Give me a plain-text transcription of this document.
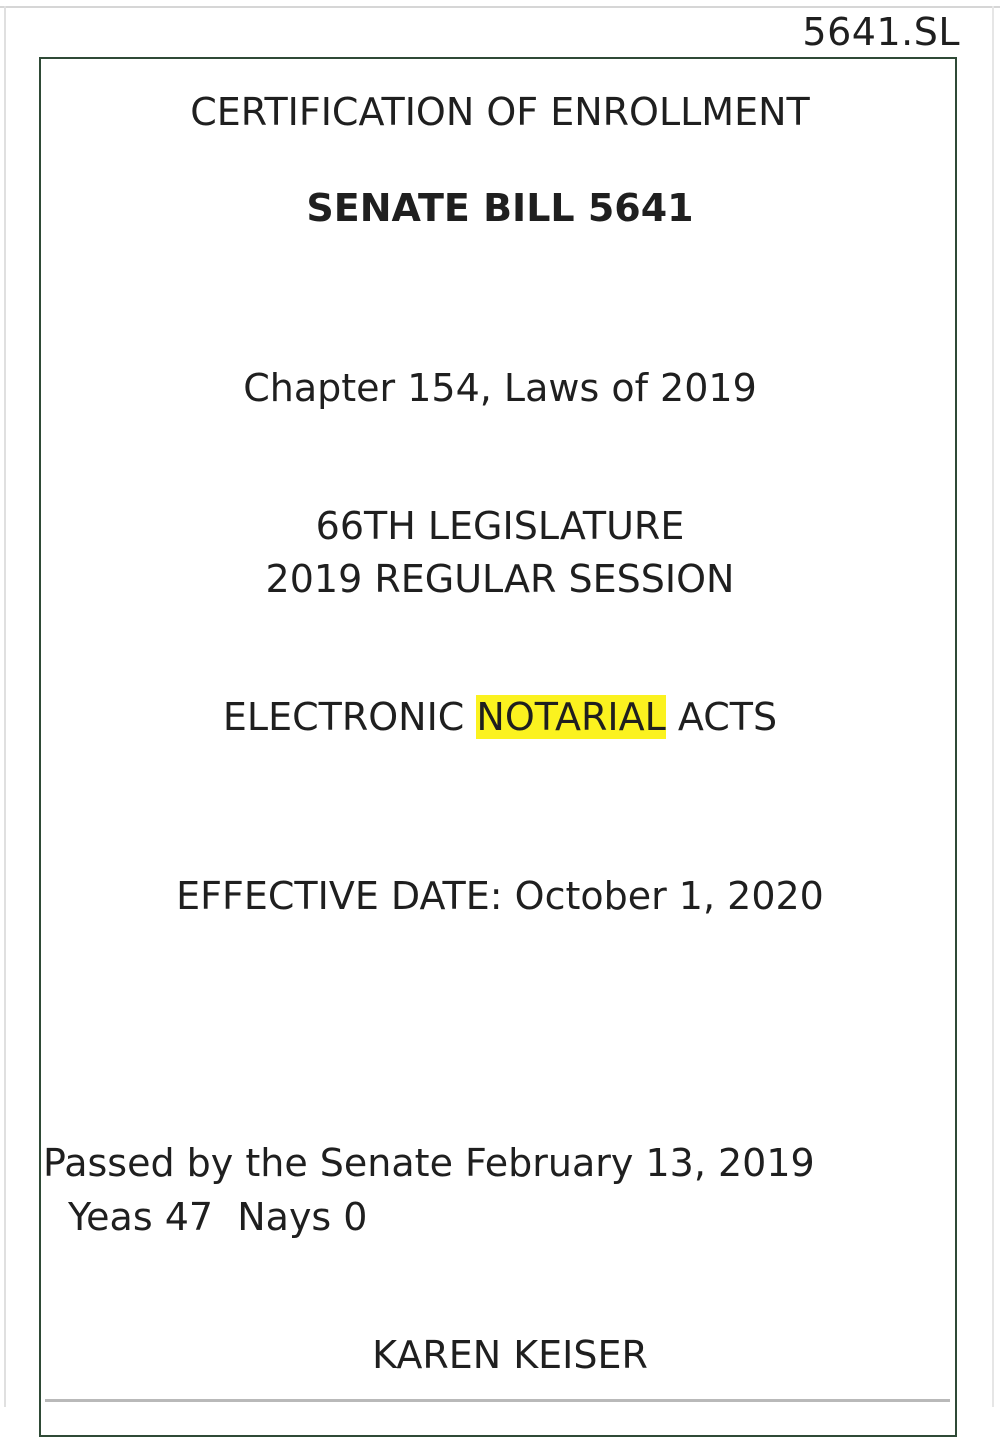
5641.SL
CERTIFICATION OF ENROLLMENT
SENATE BILL 5641
Chapter 154, Laws of 2019
66TH LEGISLATURE
2019 REGULAR SESSION
ELECTRONIC NOTARIAL ACTS
EFFECTIVE DATE: October 1, 2020
Passed by the Senate February 13, 2019
Yeas 47 Nays 0
KAREN KEISER
